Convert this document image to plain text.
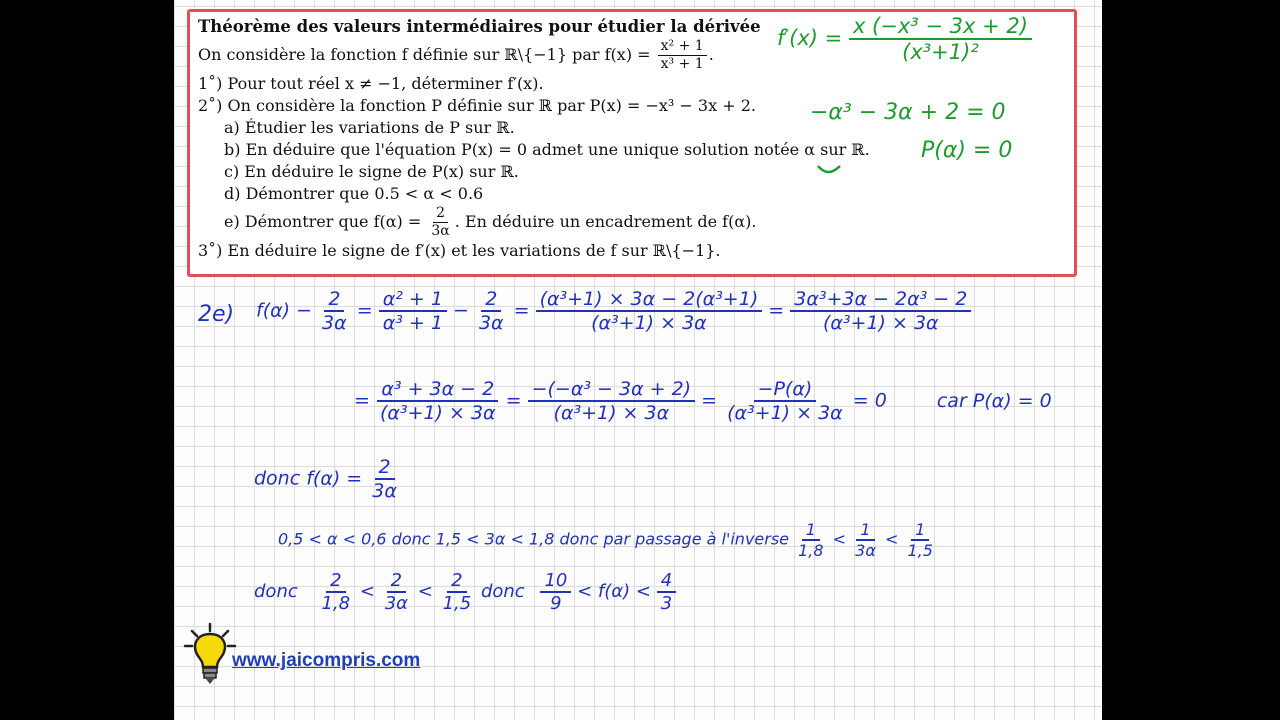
Théorème des valeurs intermédiaires pour étudier la dérivée
On considère la fonction f définie sur ℝ\{−1} par $f(x) = \frac{\text{x² + 1}}{\text{x³ + 1}}$ .
1˚) Pour tout réel x ≠ −1, déterminer f′(x).
2˚) On considère la fonction P définie sur ℝ par P(x) = −x³ − 3x + 2.
a) Étudier les variations de P sur ℝ.
b) En déduire que l'équation P(x) = 0 admet une unique solution notée α sur ℝ.
c) En déduire le signe de P(x) sur ℝ.
d) Démontrer que 0.5 < α < 0.6
e) Démontrer que $f(\alpha) = \frac{2}{3\alpha}$ . En déduire un encadrement de f(α).
3˚) En déduire le signe de f′(x) et les variations de f sur ℝ\{−1}.
$f'(x) = \frac{\text{x (−x³ − 3x + 2)}}{\text{(x³+1)²}}$
−α³ − 3α + 2 = 0
P(α) = 0
2e) $f(\alpha) - \frac{2}{3\alpha} = \frac{\text{α² + 1}}{\text{α³ + 1}} - \frac{2}{3\alpha} = \frac{\text{(α³+1) × 3α − 2(α³+1)}}{\text{(α³+1) × 3α}} = \frac{\text{3α³+3α − 2α³ − 2}}{\text{(α³+1) × 3α}}$
= $\frac{\text{α³ + 3α − 2}}{\text{(α³+1) × 3α}} = \frac{\text{−(−α³ − 3α + 2)}}{\text{(α³+1) × 3α}} = \frac{-P(\alpha)}{\text{(α³+1) × 3α}} = 0$	car P(α) = 0
donc $f(\alpha) = \frac{2}{3\alpha}$
0,5 < α < 0,6 donc 1,5 < 3α < 1,8 donc par passage à l'inverse $\frac{1}{1,8} < \frac{1}{3\alpha} < \frac{1}{1,5}$
donc $\frac{2}{1,8} < \frac{2}{3\alpha} < \frac{2}{1,5}$ donc $\frac{10}{9} < f(\alpha) < \frac{4}{3}$
www.jaicompris.com
